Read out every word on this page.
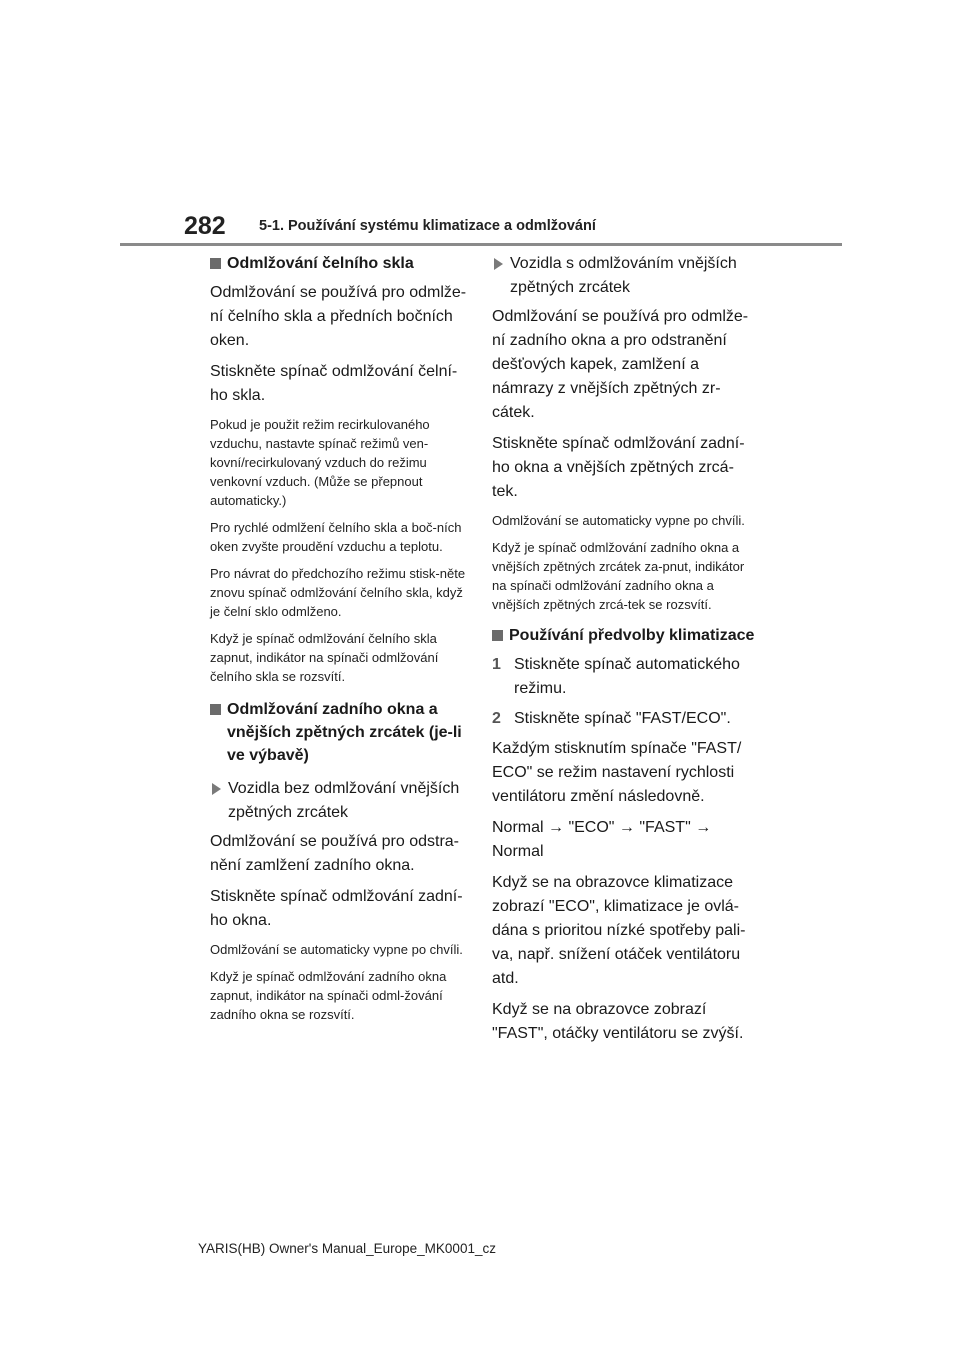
282 5-1. Používání systému klimatizace a odmlžování
Odmlžování čelního skla

Odmlžování se používá pro odmlže-ní čelního skla a předních bočních oken.

Stiskněte spínač odmlžování čelní-ho skla.

Pokud je použit režim recirkulovaného vzduchu, nastavte spínač režimů ven-kovní/recirkulovaný vzduch do režimu venkovní vzduch. (Může se přepnout automaticky.)

Pro rychlé odmlžení čelního skla a boč-ních oken zvyšte proudění vzduchu a teplotu.

Pro návrat do předchozího režimu stisk-něte znovu spínač odmlžování čelního skla, když je čelní sklo odmlženo.

Když je spínač odmlžování čelního skla zapnut, indikátor na spínači odmlžování čelního skla se rozsvítí.

Odmlžování zadního okna a vnějších zpětných zrcátek (je-li ve výbavě)
Vozidla bez odmlžování vnějších zpětných zrcátek

Odmlžování se používá pro odstra-nění zamlžení zadního okna.

Stiskněte spínač odmlžování zadní-ho okna.

Odmlžování se automaticky vypne po chvíli.

Když je spínač odmlžování zadního okna zapnut, indikátor na spínači odml-žování zadního okna se rozsvítí.

Vozidla s odmlžováním vnějších zpětných zrcátek

Odmlžování se používá pro odmlže-ní zadního okna a pro odstranění dešťových kapek, zamlžení a námrazy z vnějších zpětných zr-cátek.

Stiskněte spínač odmlžování zadní-ho okna a vnějších zpětných zrcá-tek.

Odmlžování se automaticky vypne po chvíli.

Když je spínač odmlžování zadního okna a vnějších zpětných zrcátek za-pnut, indikátor na spínači odmlžování zadního okna a vnějších zpětných zrcá-tek se rozsvítí.

Používání předvolby klimatizace
1 Stiskněte spínač automatického režimu.
2 Stiskněte spínač "FAST/ECO".

Každým stisknutím spínače "FAST/ ECO" se režim nastavení rychlosti ventilátoru změní následovně.

Normal → "ECO" → "FAST" → Normal

Když se na obrazovce klimatizace zobrazí "ECO", klimatizace je ovlá-dána s prioritou nízké spotřeby pali-va, např. snížení otáček ventilátoru atd.

Když se na obrazovce zobrazí "FAST", otáčky ventilátoru se zvýší.

YARIS(HB) Owner's Manual_Europe_MK0001_cz
